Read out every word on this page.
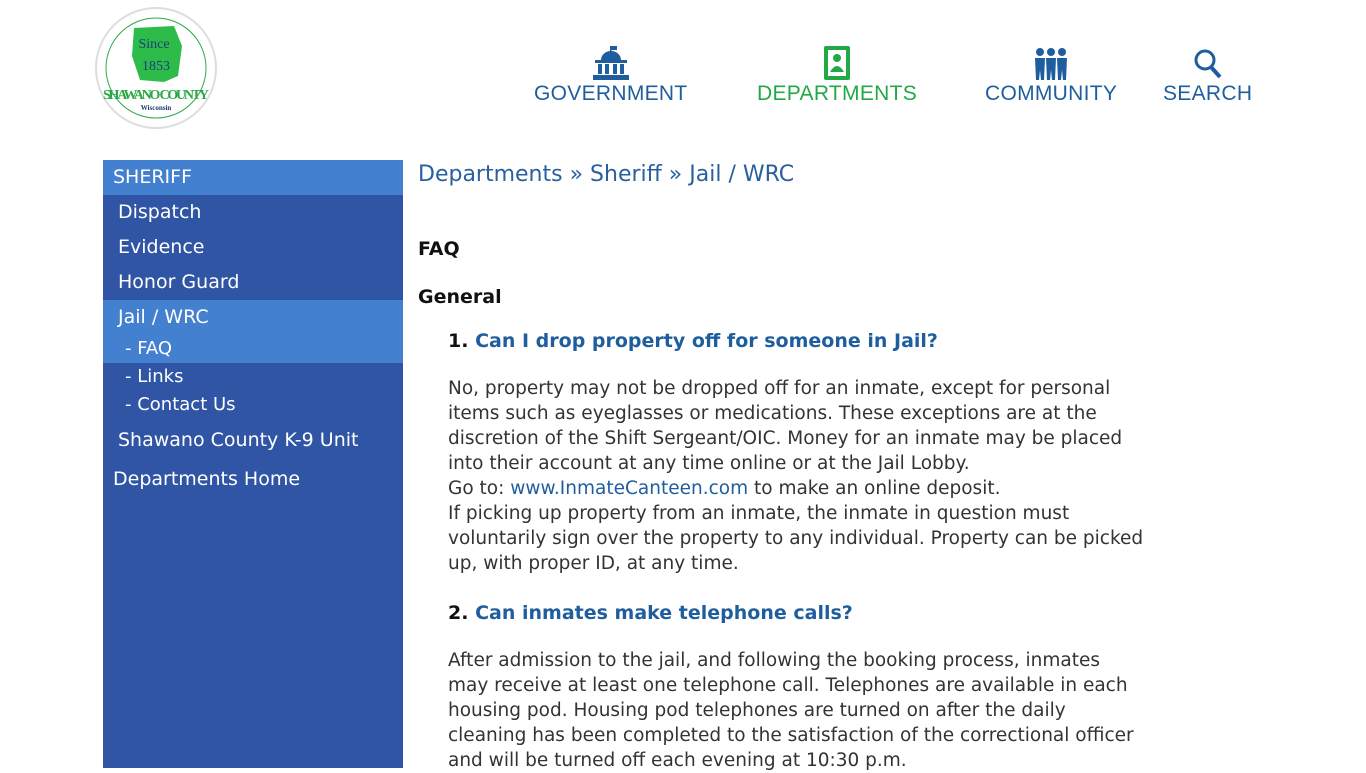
Since
1853
SHAWANO COUNTY
Wisconsin
GOVERNMENT	DEPARTMENTS	COMMUNITY SEARCH
SHERIFF
Dispatch
Evidence
Honor Guard
Jail / WRC
- FAQ
- Links
- Contact Us
Shawano County K-9 Unit
Departments Home
Departments » Sheriff » Jail / WRC
FAQ
General
1. Can I drop property off for someone in Jail?
No, property may not be dropped off for an inmate, except for personal
items such as eyeglasses or medications. These exceptions are at the
discretion of the Shift Sergeant/OIC. Money for an inmate may be placed
into their account at any time online or at the Jail Lobby.
Go to: www.InmateCanteen.com to make an online deposit.
If picking up property from an inmate, the inmate in question must
voluntarily sign over the property to any individual. Property can be picked
up, with proper ID, at any time.
2. Can inmates make telephone calls?
After admission to the jail, and following the booking process, inmates
may receive at least one telephone call. Telephones are available in each
housing pod. Housing pod telephones are turned on after the daily
cleaning has been completed to the satisfaction of the correctional officer
and will be turned off each evening at 10:30 p.m.
